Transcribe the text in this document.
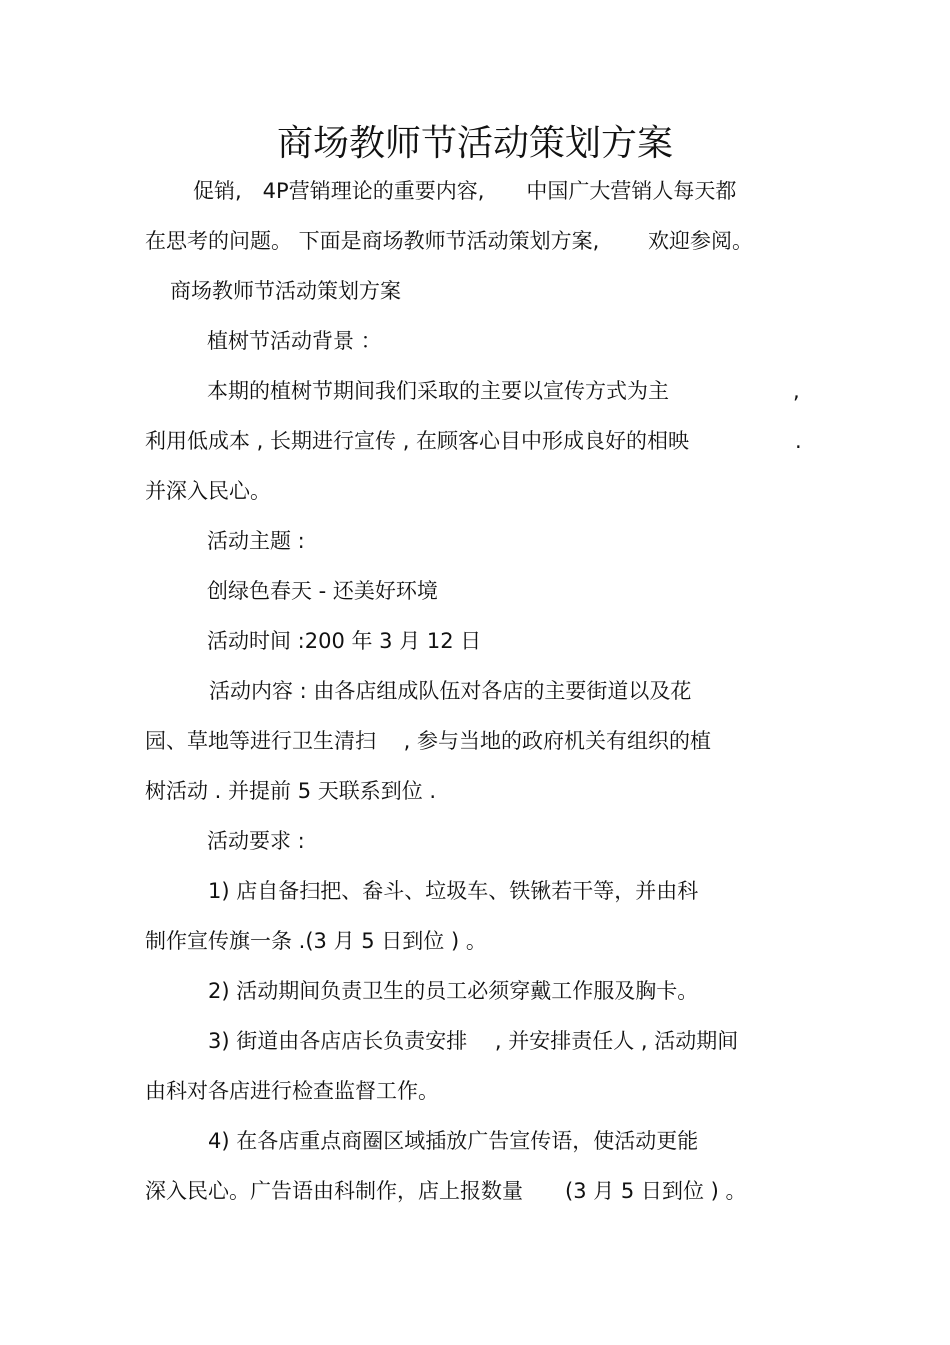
商场教师节活动策划方案
促销,　4P营销理论的重要内容,　　中国广大营销人每天都
在思考的问题。 下面是商场教师节活动策划方案,　　 欢迎参阅。
商场教师节活动策划方案
植树节活动背景 ：
本期的植树节期间我们采取的主要以宣传方式为主	,
利用低成本 , 长期进行宣传 , 在顾客心目中形成良好的相映	.
并深入民心。
活动主题 :
创绿色春天 - 还美好环境
活动时间 :200 年 3 月 12 日
活动内容 : 由各店组成队伍对各店的主要街道以及花
园、草地等进行卫生清扫　 , 参与当地的政府机关有组织的植
树活动 . 并提前 5 天联系到位 .
活动要求 :
1) 店自备扫把、畚斗、垃圾车、铁锹若干等，并由科
制作宣传旗一条 .(3 月 5 日到位 ) 。
2) 活动期间负责卫生的员工必须穿戴工作服及胸卡。
3) 街道由各店店长负责安排　 , 并安排责任人 , 活动期间
由科对各店进行检查监督工作。
4) 在各店重点商圈区域插放广告宣传语，使活动更能
深入民心。广告语由科制作，店上报数量　　(3 月 5 日到位 ) 。
